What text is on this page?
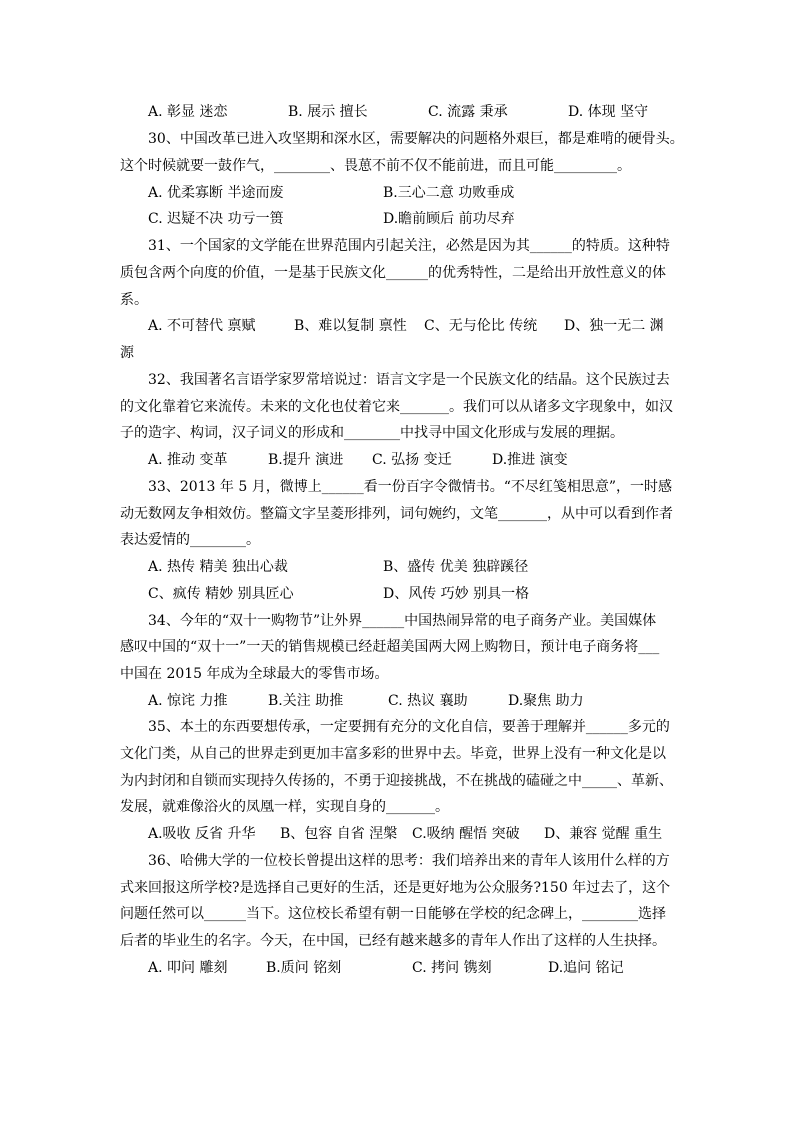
A. 彰显 迷恋	B. 展示 擅长	C. 流露 秉承	D. 体现 坚守
30、中国改革已进入攻坚期和深水区，需要解决的问题格外艰巨，都是难啃的硬骨头。
这个时候就要一鼓作气，________、畏葸不前不仅不能前进，而且可能_________。
A. 优柔寡断 半途而废	B.三心二意 功败垂成
C. 迟疑不决 功亏一篑	D.瞻前顾后 前功尽弃
31、一个国家的文学能在世界范围内引起关注，必然是因为其______的特质。这种特
质包含两个向度的价值，一是基于民族文化______的优秀特性，二是给出开放性意义的体
系。
A. 不可替代 禀赋	B、难以复制 禀性	C、无与伦比 传统	D、独一无二 渊
源
32、我国著名言语学家罗常培说过：语言文字是一个民族文化的结晶。这个民族过去
的文化靠着它来流传。未来的文化也仗着它来_______。我们可以从诸多文字现象中，如汉
子的造字、构词，汉子词义的形成和________中找寻中国文化形成与发展的理据。
A. 推动 变革	B.提升 演进	C. 弘扬 变迁	D.推进 演变
33、2013 年 5 月，微博上______看一份百字令微情书。“不尽红笺相思意”，一时感
动无数网友争相效仿。整篇文字呈菱形排列，词句婉约，文笔_______，从中可以看到作者
表达爱情的________。
A. 热传 精美 独出心裁	B、盛传 优美 独辟蹊径
C、疯传 精妙 别具匠心	D、风传 巧妙 别具一格
34、今年的“双十一购物节”让外界______中国热闹异常的电子商务产业。美国媒体
感叹中国的“双十一”一天的销售规模已经赶超美国两大网上购物日，预计电子商务将___
中国在 2015 年成为全球最大的零售市场。
A. 惊诧 力推	B.关注 助推	C. 热议 襄助	D.聚焦 助力
35、本土的东西要想传承，一定要拥有充分的文化自信，要善于理解并______多元的
文化门类，从自己的世界走到更加丰富多彩的世界中去。毕竟，世界上没有一种文化是以
为内封闭和自锁而实现持久传扬的，不勇于迎接挑战，不在挑战的磕碰之中_____、革新、
发展，就难像浴火的凤凰一样，实现自身的_______。
A.吸收 反省 升华	B、包容 自省 涅槃	C.吸纳 醒悟 突破	D、兼容 觉醒 重生
36、哈佛大学的一位校长曾提出这样的思考：我们培养出来的青年人该用什么样的方
式来回报这所学校?是选择自己更好的生活，还是更好地为公众服务?150 年过去了，这个
问题任然可以______当下。这位校长希望有朝一日能够在学校的纪念碑上，________选择
后者的毕业生的名字。今天，在中国，已经有越来越多的青年人作出了这样的人生抉择。
A. 叩问 雕刻	B.质问 铭刻	C. 拷问 镌刻	D.追问 铭记
